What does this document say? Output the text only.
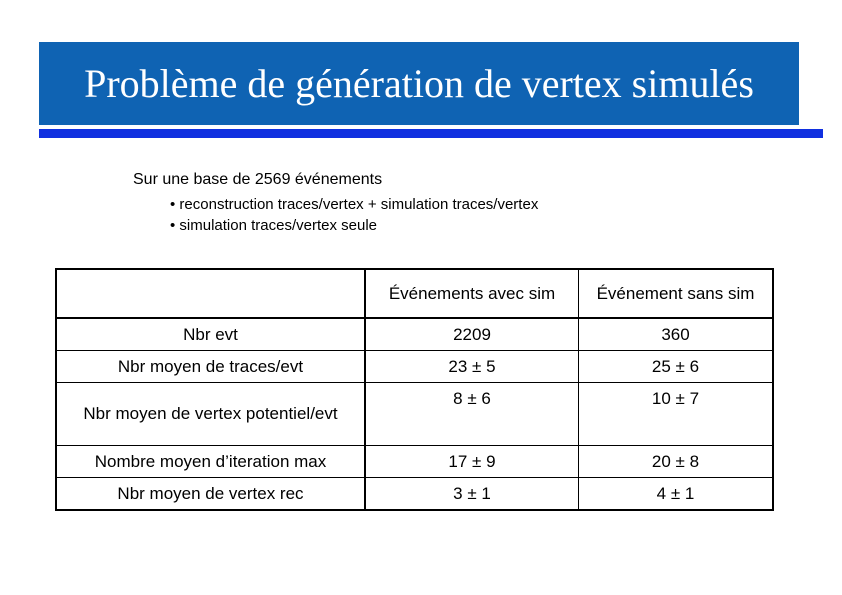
Problème de génération de vertex simulés
Sur une base de 2569 événements
• reconstruction traces/vertex + simulation traces/vertex
• simulation traces/vertex seule
	Événements avec sim	Événement sans sim
Nbr evt	2209	360
Nbr moyen de traces/evt	23 ± 5	25 ± 6
Nbr moyen de vertex potentiel/evt	8 ± 6	10 ± 7
Nombre moyen d’iteration max	17 ± 9	20 ± 8
Nbr moyen de vertex rec	3 ± 1	4 ± 1
